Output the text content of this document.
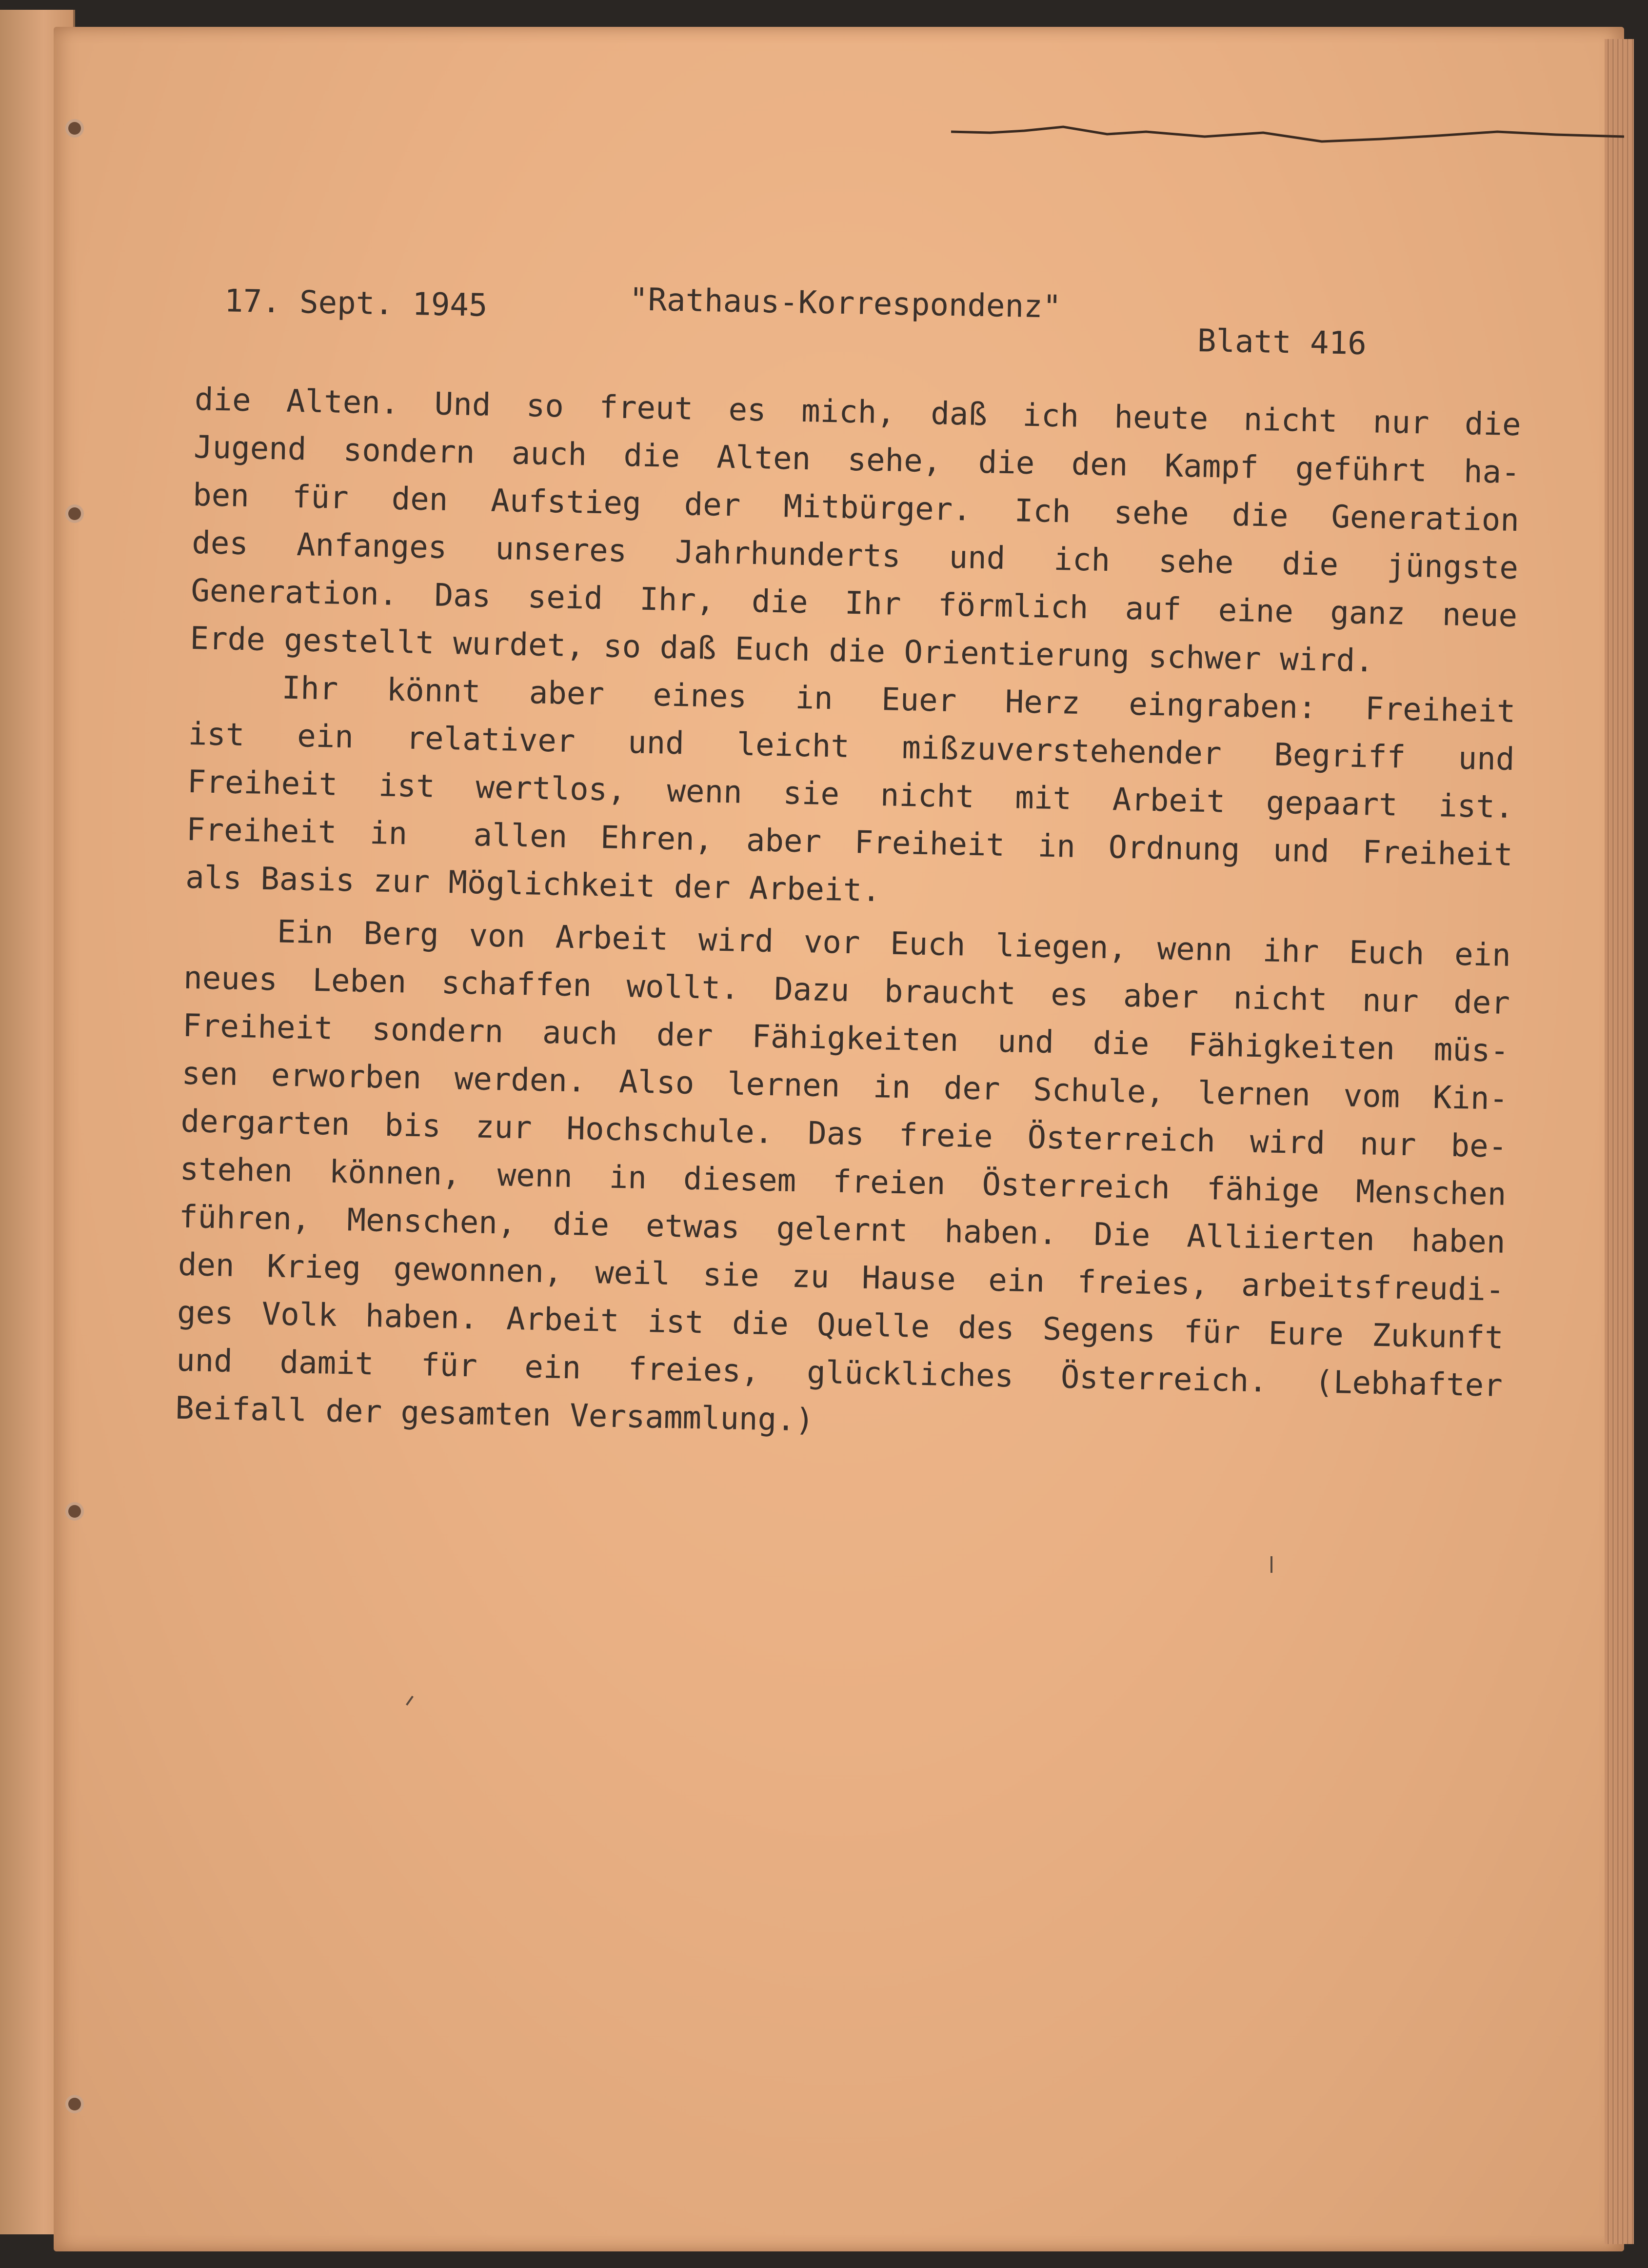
17. Sept. 1945	"Rathaus-Korrespondenz"
Blatt 416
die Alten. Und so freut es mich, daß ich heute nicht nur die
Jugend sondern auch die Alten sehe, die den Kampf geführt ha-
ben für den Aufstieg der Mitbürger. Ich sehe die Generation
des Anfanges unseres Jahrhunderts und ich sehe die jüngste
Generation. Das seid Ihr, die Ihr förmlich auf eine ganz neue
Erde gestellt wurdet, so daß Euch die Orientierung schwer wird.
Ihr könnt aber eines in Euer Herz eingraben: Freiheit
ist ein relativer und leicht mißzuverstehender Begriff und
Freiheit ist wertlos, wenn sie nicht mit Arbeit gepaart ist.
Freiheit in  allen Ehren, aber Freiheit in Ordnung und Freiheit
als Basis zur Möglichkeit der Arbeit.
Ein Berg von Arbeit wird vor Euch liegen, wenn ihr Euch ein
neues Leben schaffen wollt. Dazu braucht es aber nicht nur der
Freiheit sondern auch der Fähigkeiten und die Fähigkeiten müs-
sen erworben werden. Also lernen in der Schule, lernen vom Kin-
dergarten bis zur Hochschule. Das freie Österreich wird nur be-
stehen können, wenn in diesem freien Österreich fähige Menschen
führen, Menschen, die etwas gelernt haben. Die Alliierten haben
den Krieg gewonnen, weil sie zu Hause ein freies, arbeitsfreudi-
ges Volk haben. Arbeit ist die Quelle des Segens für Eure Zukunft
und damit für ein freies, glückliches Österreich. (Lebhafter
Beifall der gesamten Versammlung.)
